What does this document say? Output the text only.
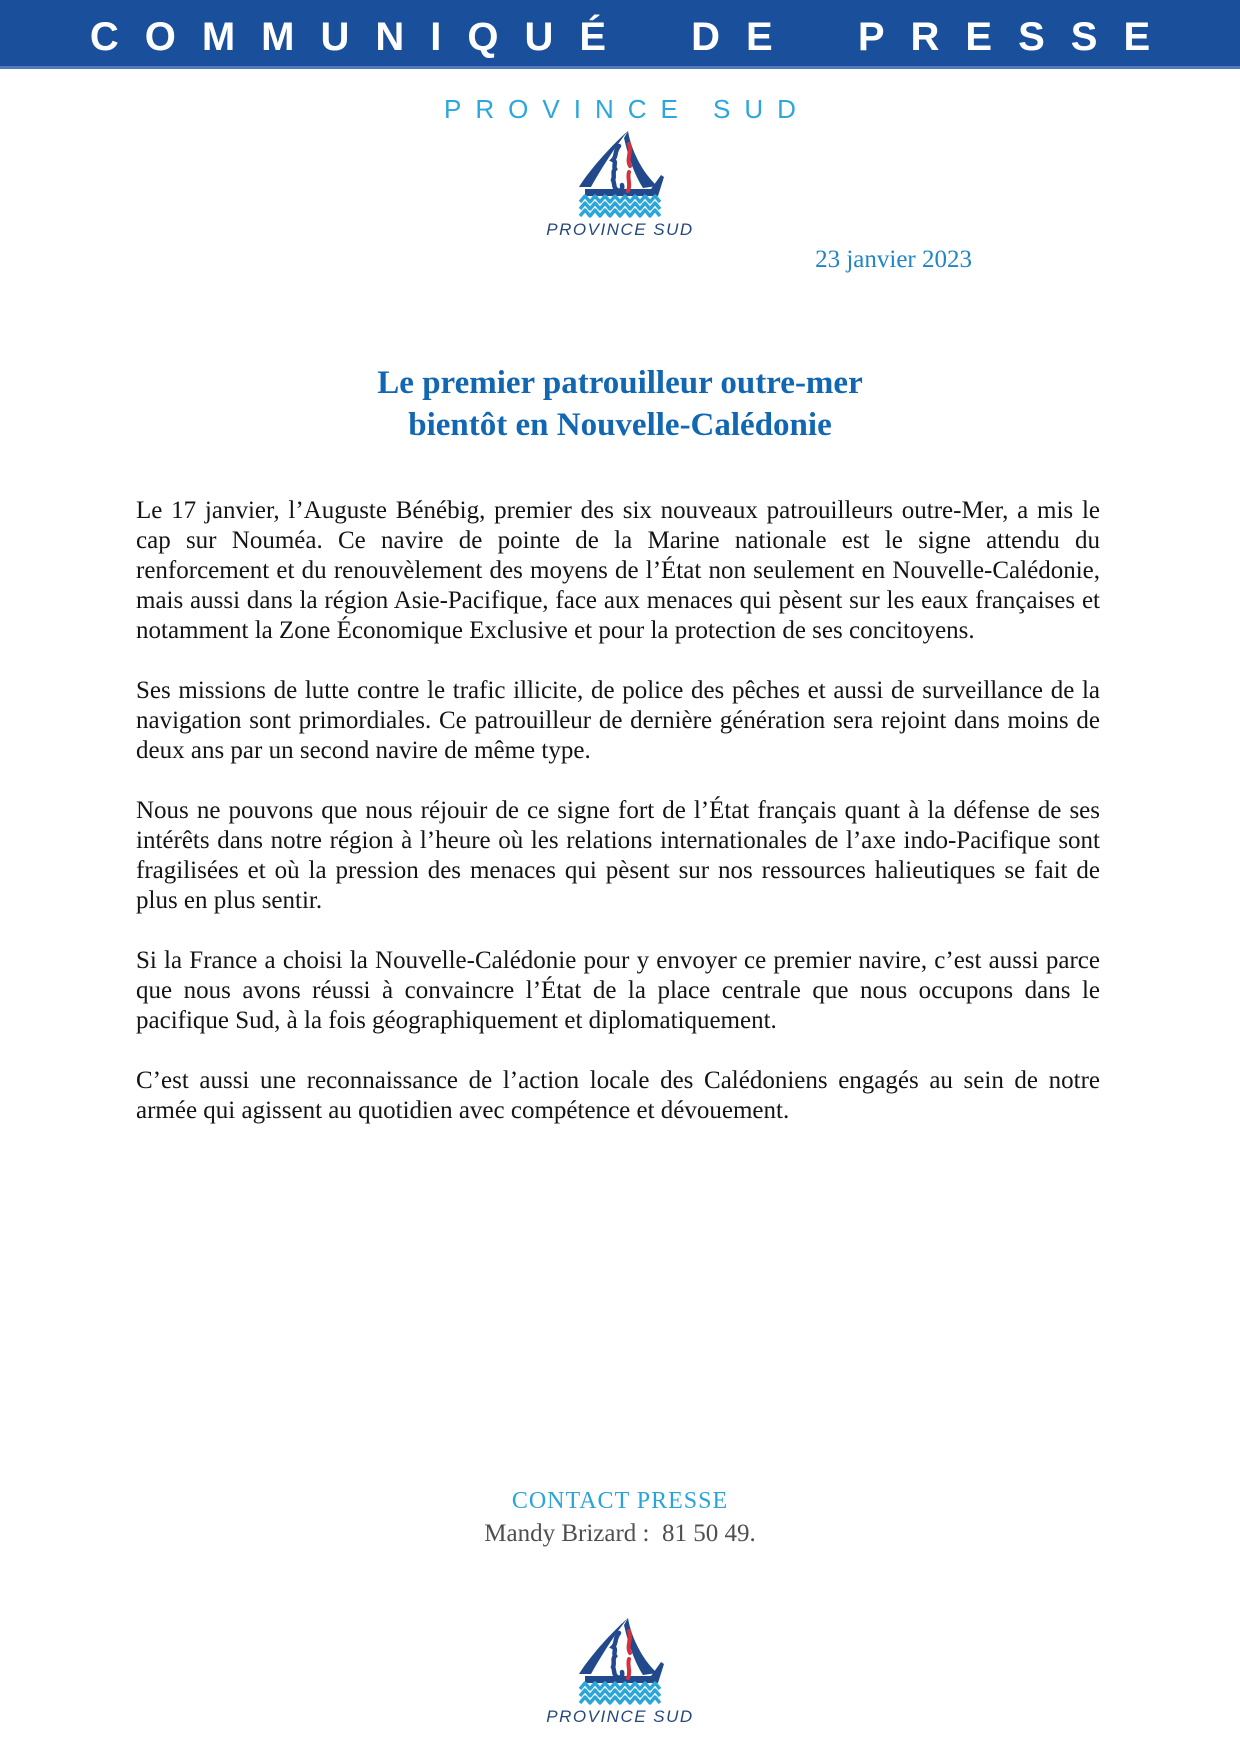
COMMUNIQUÉ DE PRESSE
PROVINCE SUD
PROVINCE SUD
23 janvier 2023
Le premier patrouilleur outre-mer
bientôt en Nouvelle-Calédonie

Le 17 janvier, l’Auguste Bénébig, premier des six nouveaux patrouilleurs outre-Mer, a mis le cap sur Nouméa. Ce navire de pointe de la Marine nationale est le signe attendu du renforcement et du renouvèlement des moyens de l’État non seulement en Nouvelle-Calédonie, mais aussi dans la région Asie-Pacifique, face aux menaces qui pèsent sur les eaux françaises et notamment la Zone Économique Exclusive et pour la protection de ses concitoyens.

Ses missions de lutte contre le trafic illicite, de police des pêches et aussi de surveillance de la navigation sont primordiales. Ce patrouilleur de dernière génération sera rejoint dans moins de deux ans par un second navire de même type.

Nous ne pouvons que nous réjouir de ce signe fort de l’État français quant à la défense de ses intérêts dans notre région à l’heure où les relations internationales de l’axe indo-Pacifique sont fragilisées et où la pression des menaces qui pèsent sur nos ressources halieutiques se fait de plus en plus sentir.

Si la France a choisi la Nouvelle-Calédonie pour y envoyer ce premier navire, c’est aussi parce que nous avons réussi à convaincre l’État de la place centrale que nous occupons dans le pacifique Sud, à la fois géographiquement et diplomatiquement.

C’est aussi une reconnaissance de l’action locale des Calédoniens engagés au sein de notre armée qui agissent au quotidien avec compétence et dévouement.

CONTACT PRESSE
Mandy Brizard :  81 50 49.
PROVINCE SUD
